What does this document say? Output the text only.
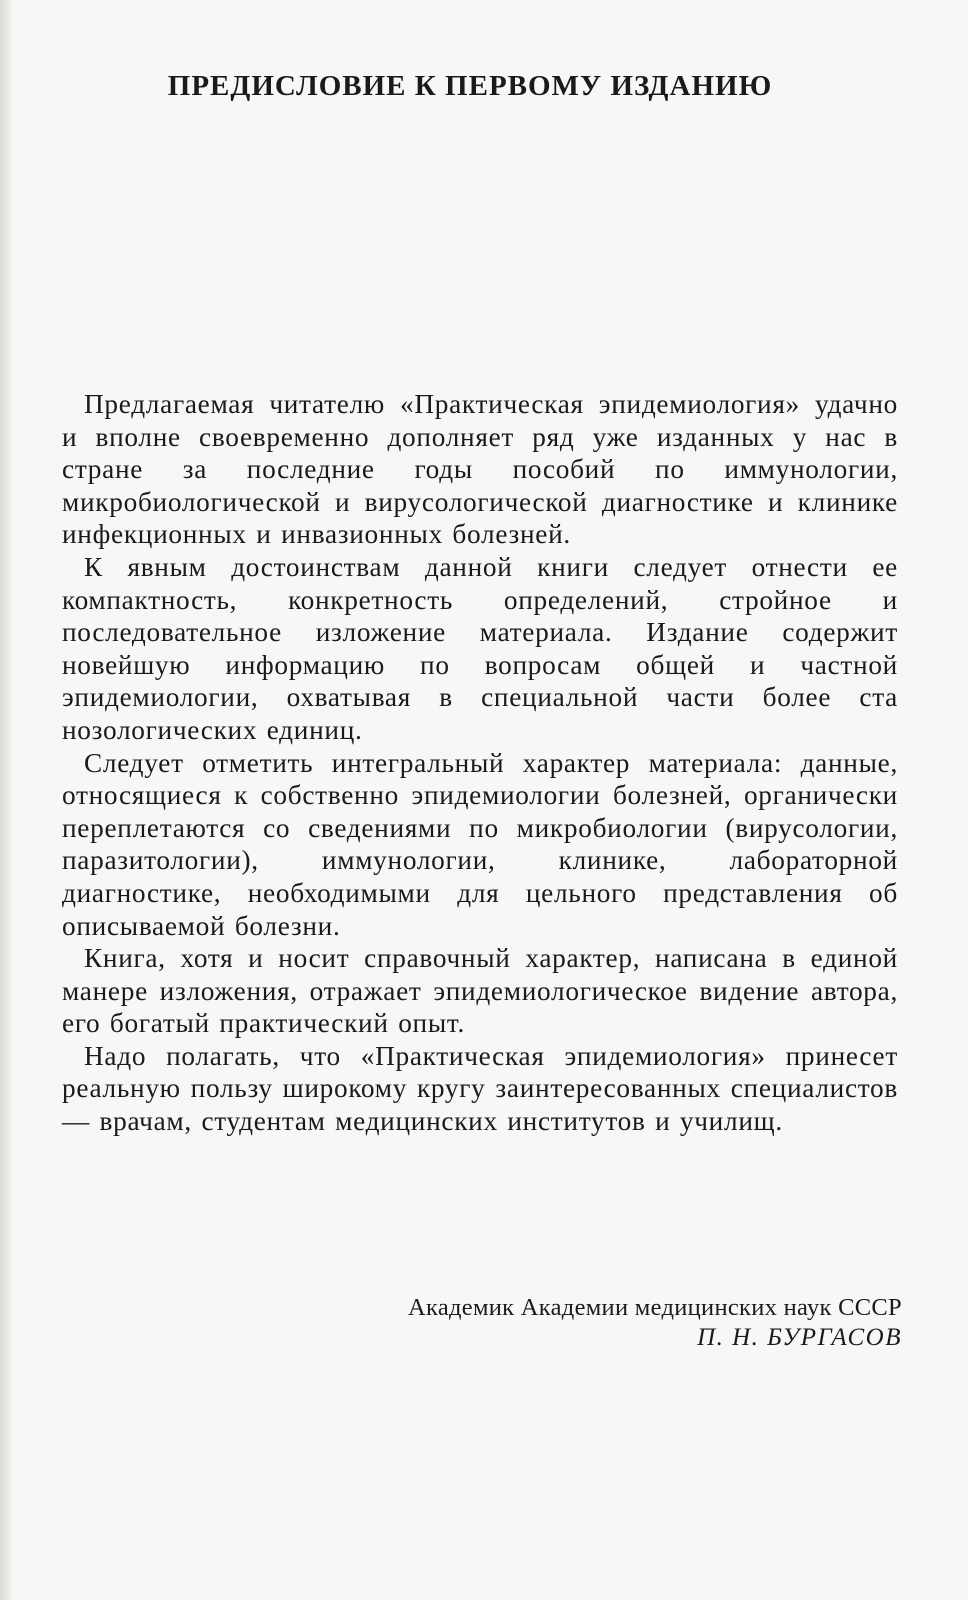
ПРЕДИСЛОВИЕ К ПЕРВОМУ ИЗДАНИЮ

Предлагаемая читателю «Практическая эпидемиология» удачно и вполне своевременно дополняет ряд уже изданных у нас в стране за последние годы пособий по иммунологии, микробиологической и вирусологической диагностике и клинике инфекционных и инвазионных болезней.

К явным достоинствам данной книги следует отнести ее компактность, конкретность определений, стройное и последовательное изложение материала. Издание содержит новейшую информацию по вопросам общей и частной эпидемиологии, охватывая в специальной части более ста нозологических единиц.

Следует отметить интегральный характер материала: данные, относящиеся к собственно эпидемиологии болезней, органически переплетаются со сведениями по микробиологии (вирусологии, паразитологии), иммунологии, клинике, лабораторной диагностике, необходимыми для цельного представления об описываемой болезни.

Книга, хотя и носит справочный характер, написана в единой манере изложения, отражает эпидемиологическое видение автора, его богатый практический опыт.

Надо полагать, что «Практическая эпидемиология» принесет реальную пользу широкому кругу заинтересованных специалистов — врачам, студентам медицинских институтов и училищ.

Академик Академии медицинских наук СССР
П. Н. БУРГАСОВ
